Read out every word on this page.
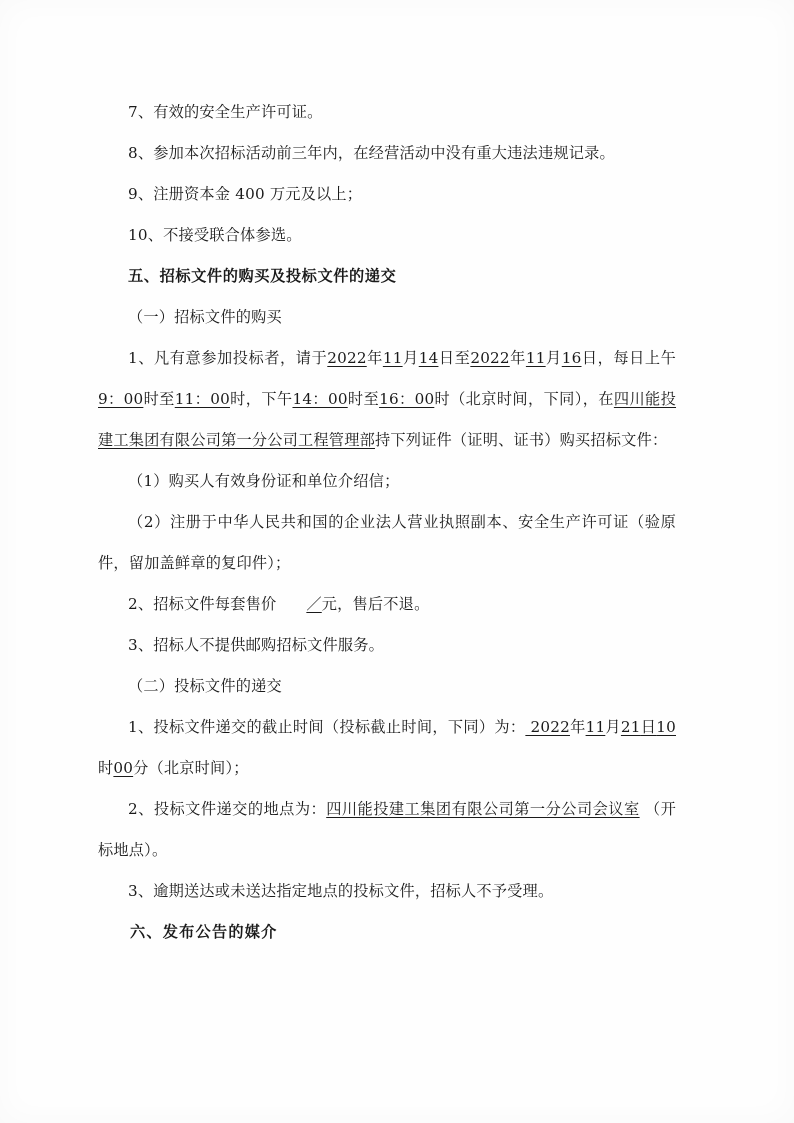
7、有效的安全生产许可证。

8、参加本次招标活动前三年内，在经营活动中没有重大违法违规记录。

9、注册资本金 400 万元及以上；

10、不接受联合体参选。

五、招标文件的购买及投标文件的递交

（一）招标文件的购买

1、凡有意参加投标者，请于2022年11月14日至2022年11月16日，每日上午9：00时至11：00时，下午14：00时至16：00时（北京时间，下同），在四川能投建工集团有限公司第一分公司工程管理部持下列证件（证明、证书）购买招标文件：

（1）购买人有效身份证和单位介绍信；

（2）注册于中华人民共和国的企业法人营业执照副本、安全生产许可证（验原件，留加盖鲜章的复印件）；

2、招标文件每套售价 ／元，售后不退。

3、招标人不提供邮购招标文件服务。

（二）投标文件的递交

1、投标文件递交的截止时间（投标截止时间，下同）为： 2022年11月21日10时00分（北京时间）；

2、投标文件递交的地点为：四川能投建工集团有限公司第一分公司会议室 （开标地点）。

3、逾期送达或未送达指定地点的投标文件，招标人不予受理。

六、发布公告的媒介
